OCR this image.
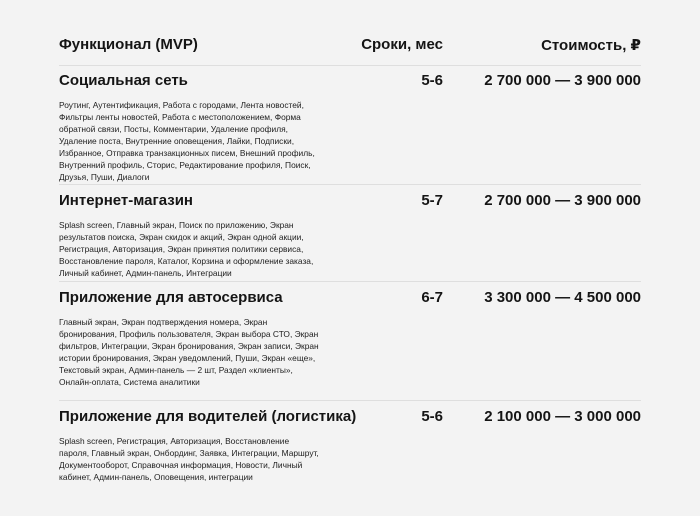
Функционал (MVP)	Сроки, мес	Стоимость, ₽
Социальная сеть	5-6	2 700 000 — 3 900 000
Роутинг, Аутентификация, Работа с городами, Лента новостей, Фильтры ленты новостей, Работа с местоположением, Форма обратной связи, Посты, Комментарии, Удаление профиля, Удаление поста, Внутренние оповещения, Лайки, Подписки, Избранное, Отправка транзакционных писем, Внешний профиль, Внутренний профиль, Сторис, Редактирование профиля, Поиск, Друзья, Пуши, Диалоги
Интернет-магазин	5-7	2 700 000 — 3 900 000
Splash screen, Главный экран, Поиск по приложению, Экран результатов поиска, Экран скидок и акций, Экран одной акции, Регистрация, Авторизация, Экран принятия политики сервиса, Восстановление пароля, Каталог, Корзина и оформление заказа, Личный кабинет, Админ-панель, Интеграции
Приложение для автосервиса	6-7	3 300 000 — 4 500 000
Главный экран, Экран подтверждения номера, Экран бронирования, Профиль пользователя, Экран выбора СТО, Экран фильтров, Интеграции, Экран бронирования, Экран записи, Экран истории бронирования, Экран уведомлений, Пуши, Экран «еще», Текстовый экран, Админ-панель — 2 шт, Раздел «клиенты», Онлайн-оплата, Система аналитики
Приложение для водителей (логистика)	5-6	2 100 000 — 3 000 000
Splash screen, Регистрация, Авторизация, Восстановление пароля, Главный экран, Онбординг, Заявка, Интеграции, Маршрут, Документооборот, Справочная информация, Новости, Личный кабинет, Админ-панель, Оповещения, интеграции
